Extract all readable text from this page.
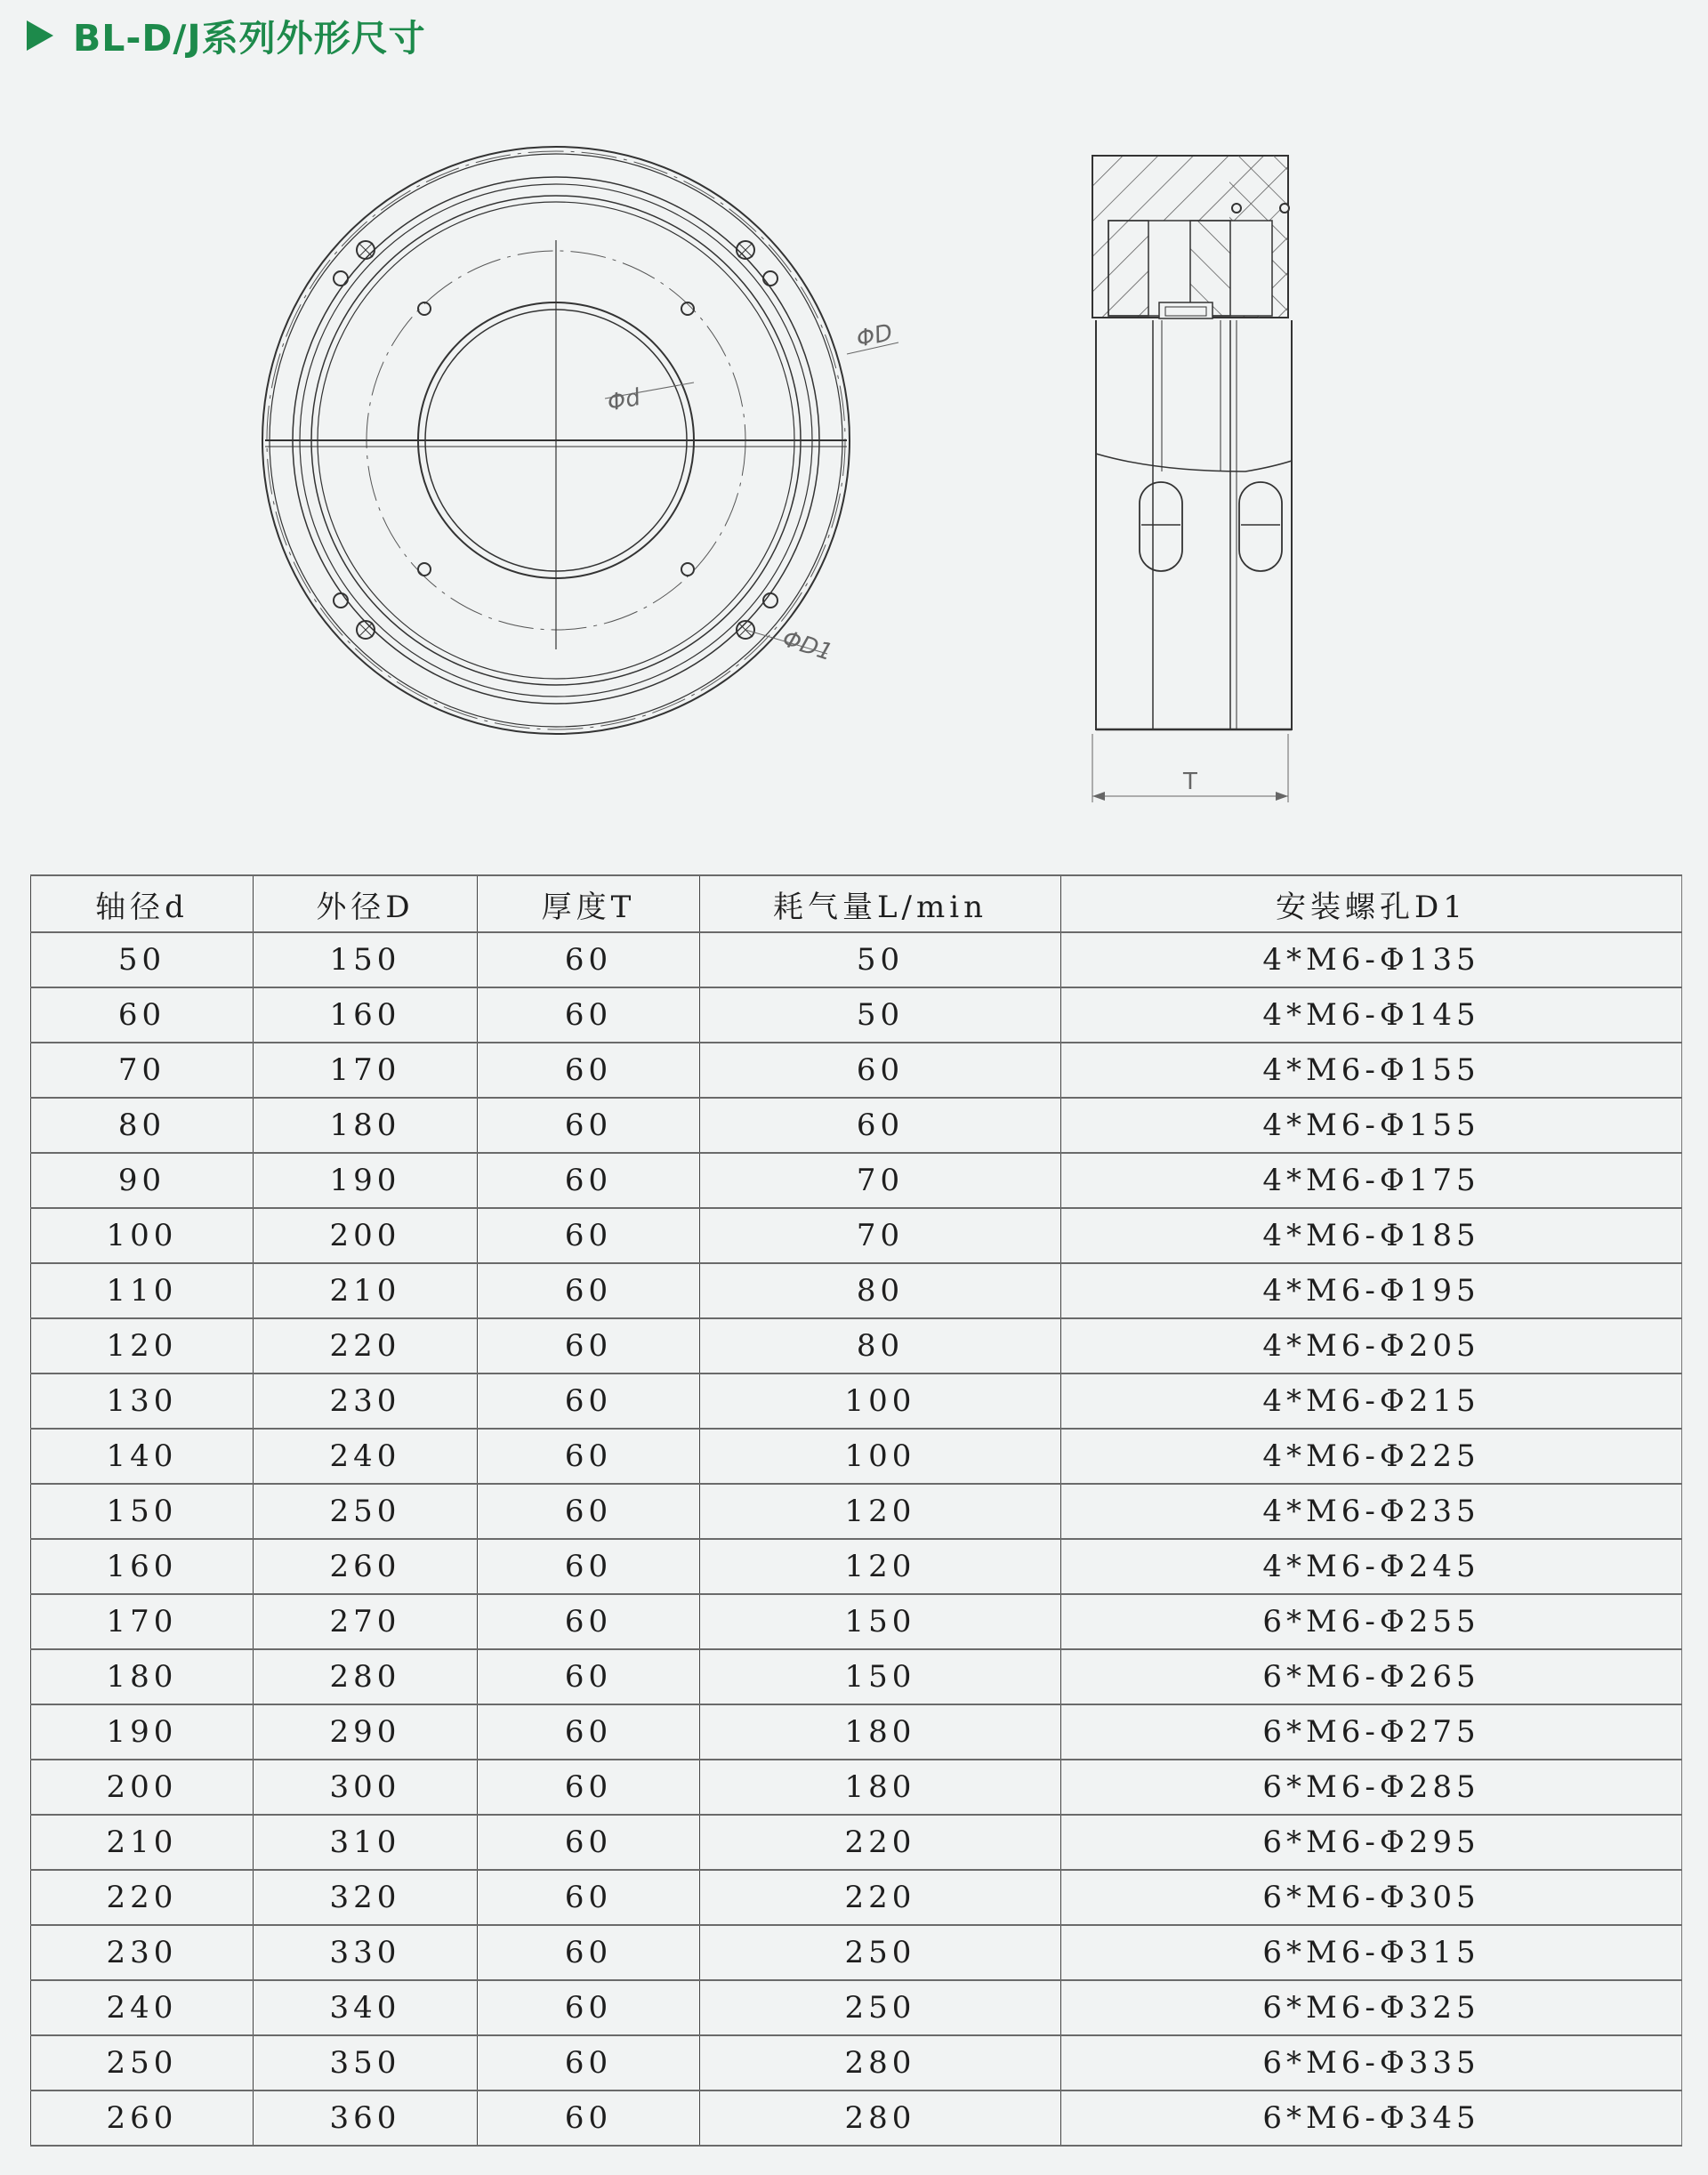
BL-D/J系列外形尺寸
Φd
ΦD
ΦD1
T
轴径d	外径D	厚度T	耗气量L/min	安装螺孔D1
50	150	60	50	4*M6-Φ135
60	160	60	50	4*M6-Φ145
70	170	60	60	4*M6-Φ155
80	180	60	60	4*M6-Φ155
90	190	60	70	4*M6-Φ175
100	200	60	70	4*M6-Φ185
110	210	60	80	4*M6-Φ195
120	220	60	80	4*M6-Φ205
130	230	60	100	4*M6-Φ215
140	240	60	100	4*M6-Φ225
150	250	60	120	4*M6-Φ235
160	260	60	120	4*M6-Φ245
170	270	60	150	6*M6-Φ255
180	280	60	150	6*M6-Φ265
190	290	60	180	6*M6-Φ275
200	300	60	180	6*M6-Φ285
210	310	60	220	6*M6-Φ295
220	320	60	220	6*M6-Φ305
230	330	60	250	6*M6-Φ315
240	340	60	250	6*M6-Φ325
250	350	60	280	6*M6-Φ335
260	360	60	280	6*M6-Φ345
